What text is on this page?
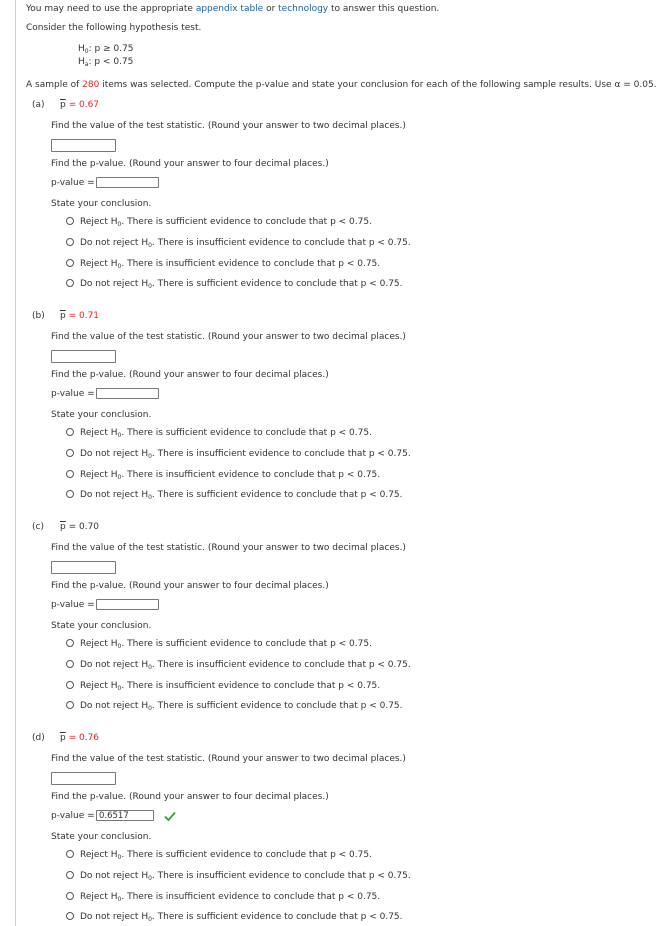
You may need to use the appropriate appendix table or technology to answer this question.
Consider the following hypothesis test.
$H_0$: p ≥ 0.75
$H_a$: p < 0.75
A sample of 280 items was selected. Compute the p-value and state your conclusion for each of the following sample results. Use α = 0.05.
(a) $\overline{p} = 0.67$
Find the value of the test statistic. (Round your answer to two decimal places.)
Find the p-value. (Round your answer to four decimal places.)
p-value =
State your conclusion.
Reject $H_0$. There is sufficient evidence to conclude that p < 0.75.
Do not reject $H_0$. There is insufficient evidence to conclude that p < 0.75.
Reject $H_0$. There is insufficient evidence to conclude that p < 0.75.
Do not reject $H_0$. There is sufficient evidence to conclude that p < 0.75.
(b) $\overline{p} = 0.71$
Find the value of the test statistic. (Round your answer to two decimal places.)
Find the p-value. (Round your answer to four decimal places.)
p-value =
State your conclusion.
Reject $H_0$. There is sufficient evidence to conclude that p < 0.75.
Do not reject $H_0$. There is insufficient evidence to conclude that p < 0.75.
Reject $H_0$. There is insufficient evidence to conclude that p < 0.75.
Do not reject $H_0$. There is sufficient evidence to conclude that p < 0.75.
(c) $\overline{p} = 0.70$
Find the value of the test statistic. (Round your answer to two decimal places.)
Find the p-value. (Round your answer to four decimal places.)
p-value =
State your conclusion.
Reject $H_0$. There is sufficient evidence to conclude that p < 0.75.
Do not reject $H_0$. There is insufficient evidence to conclude that p < 0.75.
Reject $H_0$. There is insufficient evidence to conclude that p < 0.75.
Do not reject $H_0$. There is sufficient evidence to conclude that p < 0.75.
(d) $\overline{p} = 0.76$
Find the value of the test statistic. (Round your answer to two decimal places.)
Find the p-value. (Round your answer to four decimal places.)
p-value = 0.6517
State your conclusion.
Reject $H_0$. There is sufficient evidence to conclude that p < 0.75.
Do not reject $H_0$. There is insufficient evidence to conclude that p < 0.75.
Reject $H_0$. There is insufficient evidence to conclude that p < 0.75.
Do not reject $H_0$. There is sufficient evidence to conclude that p < 0.75.
